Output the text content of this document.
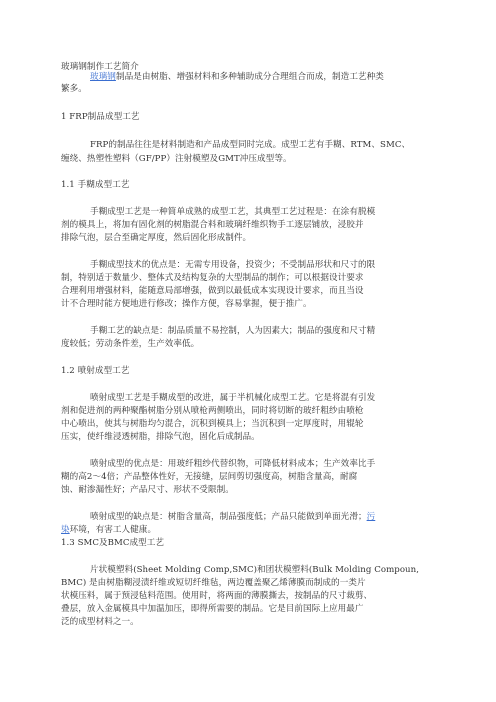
玻璃钢制作工艺简介
玻璃钢制品是由树脂、增强材料和多种辅助成分合理组合而成，制造工艺种类
繁多。
1 FRP制品成型工艺
FRP的制品往往是材料制造和产品成型同时完成。成型工艺有手糊、RTM、SMC、
缠绕、热塑性塑料（GF/PP）注射模塑及GMT冲压成型等。
1.1 手糊成型工艺
手糊成型工艺是一种简单成熟的成型工艺，其典型工艺过程是：在涂有脱模
剂的模具上，将加有固化剂的树脂混合料和玻璃纤维织物手工逐层铺放，浸胶并
排除气泡，层合至确定厚度，然后固化形成制件。
手糊成型技术的优点是：无需专用设备，投资少；不受制品形状和尺寸的限
制，特别适于数量少、整体式及结构复杂的大型制品的制作；可以根据设计要求
合理利用增强材料，能随意局部增强，做到以最低成本实现设计要求，而且当设
计不合理时能方便地进行修改；操作方便，容易掌握，便于推广。
手糊工艺的缺点是：制品质量不易控制，人为因素大；制品的强度和尺寸精
度较低；劳动条件差，生产效率低。
1.2 喷射成型工艺
喷射成型工艺是手糊成型的改进，属于半机械化成型工艺。它是将混有引发
剂和促进剂的两种聚酯树脂分别从喷枪两侧喷出，同时将切断的玻纤粗纱由喷枪
中心喷出，使其与树脂均匀混合，沉积到模具上；当沉积到一定厚度时，用辊轮
压实，使纤维浸透树脂，排除气泡，固化后成制品。
喷射成型的优点是：用玻纤粗纱代替织物，可降低材料成本；生产效率比手
糊的高2～4倍；产品整体性好，无接缝，层间剪切强度高，树脂含量高，耐腐
蚀、耐渗漏性好；产品尺寸、形状不受限制。
喷射成型的缺点是：树脂含量高，制品强度低；产品只能做到单面光滑；污
染环境，有害工人健康。
1.3 SMC及BMC成型工艺
片状模塑料(Sheet Molding Comp,SMC)和团状模塑料(Bulk Molding Compoun,
BMC) 是由树脂糊浸渍纤维或短切纤维毡，两边覆盖聚乙烯薄膜而制成的一类片
状模压料，属于预浸毡料范围。使用时，将两面的薄膜撕去，按制品的尺寸裁剪、
叠层，放入金属模具中加温加压，即得所需要的制品。它是目前国际上应用最广
泛的成型材料之一。
